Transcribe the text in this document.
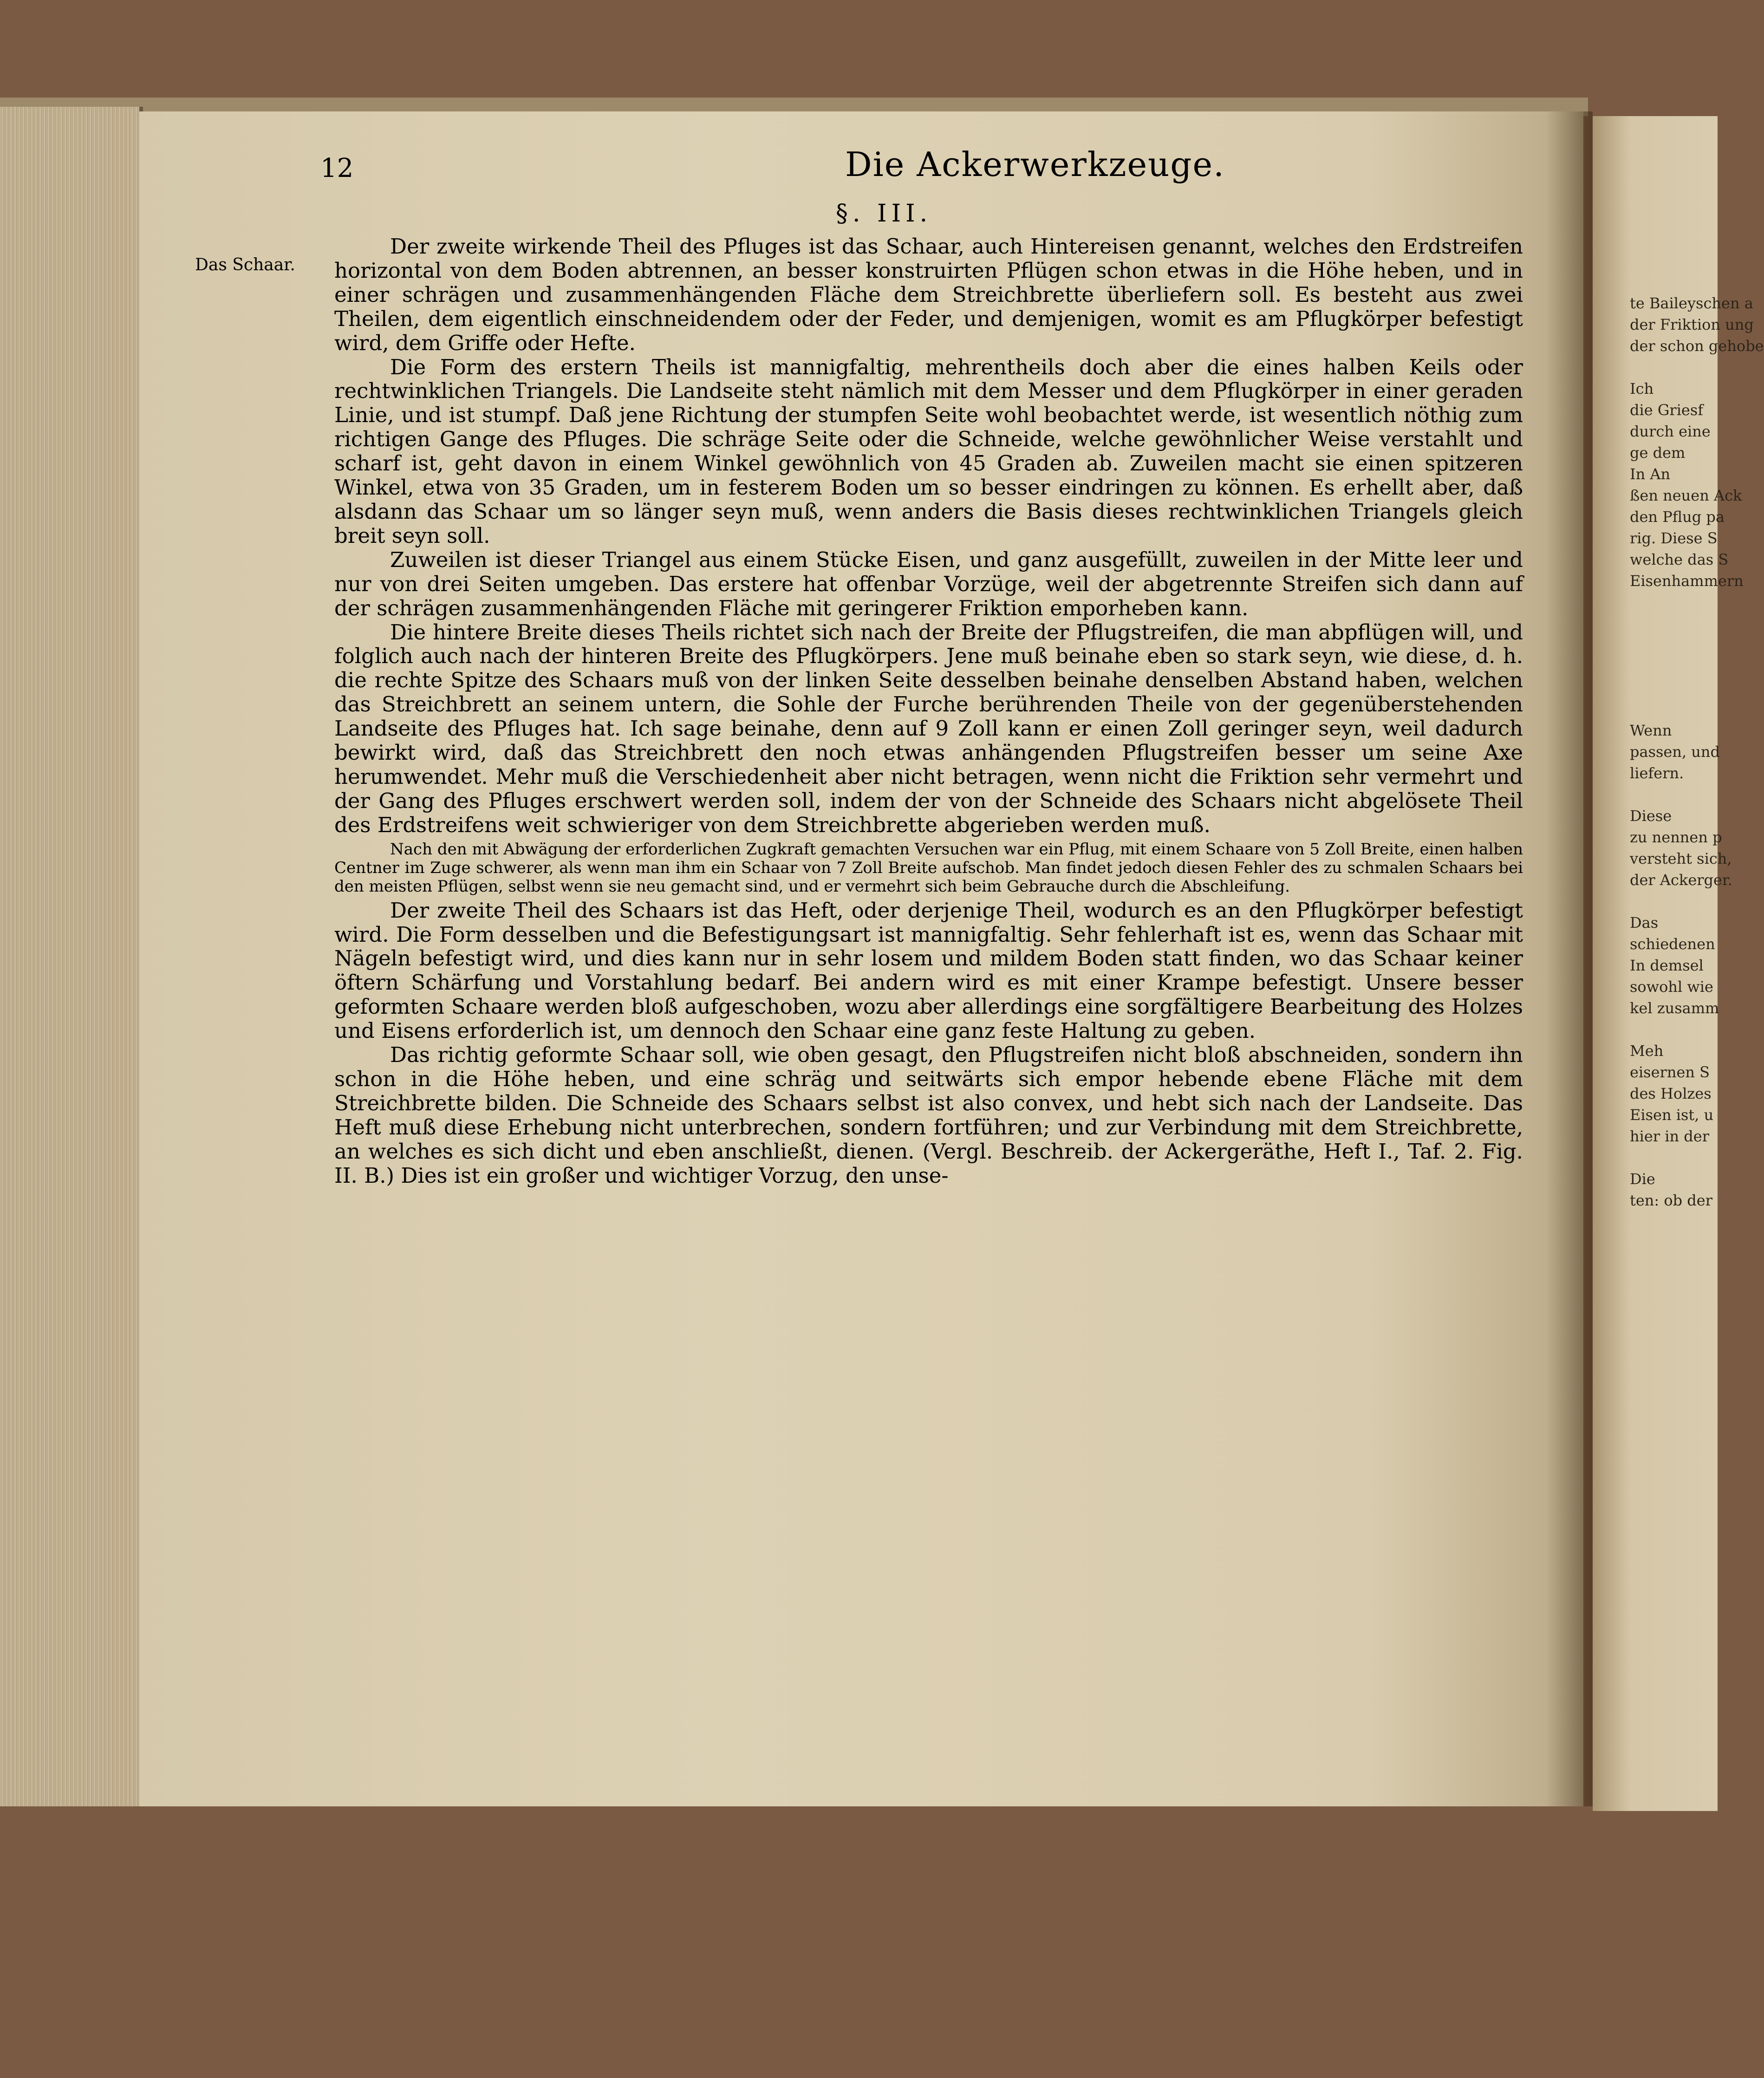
12	Die Ackerwerkzeuge.
§. III.
Das Schaar.

Der zweite wirkende Theil des Pfluges ist das Schaar, auch Hintereisen genannt, welches den Erdstreifen horizontal von dem Boden abtrennen, an besser konstruirten Pflügen schon etwas in die Höhe heben, und in einer schrägen und zusammenhängenden Fläche dem Streichbrette überliefern soll. Es besteht aus zwei Theilen, dem eigentlich einschneidendem oder der Feder, und demjenigen, womit es am Pflugkörper befestigt wird, dem Griffe oder Hefte.

Die Form des erstern Theils ist mannigfaltig, mehrentheils doch aber die eines halben Keils oder rechtwinklichen Triangels. Die Landseite steht nämlich mit dem Messer und dem Pflugkörper in einer geraden Linie, und ist stumpf. Daß jene Richtung der stumpfen Seite wohl beobachtet werde, ist wesentlich nöthig zum richtigen Gange des Pfluges. Die schräge Seite oder die Schneide, welche gewöhnlicher Weise verstahlt und scharf ist, geht davon in einem Winkel gewöhnlich von 45 Graden ab. Zuweilen macht sie einen spitzeren Winkel, etwa von 35 Graden, um in festerem Boden um so besser eindringen zu können. Es erhellt aber, daß alsdann das Schaar um so länger seyn muß, wenn anders die Basis dieses rechtwinklichen Triangels gleich breit seyn soll.

Zuweilen ist dieser Triangel aus einem Stücke Eisen, und ganz ausgefüllt, zuweilen in der Mitte leer und nur von drei Seiten umgeben. Das erstere hat offenbar Vorzüge, weil der abgetrennte Streifen sich dann auf der schrägen zusammenhängenden Fläche mit geringerer Friktion emporheben kann.

Die hintere Breite dieses Theils richtet sich nach der Breite der Pflugstreifen, die man abpflügen will, und folglich auch nach der hinteren Breite des Pflugkörpers. Jene muß beinahe eben so stark seyn, wie diese, d. h. die rechte Spitze des Schaars muß von der linken Seite desselben beinahe denselben Abstand haben, welchen das Streichbrett an seinem untern, die Sohle der Furche berührenden Theile von der gegenüberstehenden Landseite des Pfluges hat. Ich sage beinahe, denn auf 9 Zoll kann er einen Zoll geringer seyn, weil dadurch bewirkt wird, daß das Streichbrett den noch etwas anhängenden Pflugstreifen besser um seine Axe herumwendet. Mehr muß die Verschiedenheit aber nicht betragen, wenn nicht die Friktion sehr vermehrt und der Gang des Pfluges erschwert werden soll, indem der von der Schneide des Schaars nicht abgelösete Theil des Erdstreifens weit schwieriger von dem Streichbrette abgerieben werden muß.

Nach den mit Abwägung der erforderlichen Zugkraft gemachten Versuchen war ein Pflug, mit einem Schaare von 5 Zoll Breite, einen halben Centner im Zuge schwerer, als wenn man ihm ein Schaar von 7 Zoll Breite aufschob. Man findet jedoch diesen Fehler des zu schmalen Schaars bei den meisten Pflügen, selbst wenn sie neu gemacht sind, und er vermehrt sich beim Gebrauche durch die Abschleifung.

Der zweite Theil des Schaars ist das Heft, oder derjenige Theil, wodurch es an den Pflugkörper befestigt wird. Die Form desselben und die Befestigungsart ist mannigfaltig. Sehr fehlerhaft ist es, wenn das Schaar mit Nägeln befestigt wird, und dies kann nur in sehr losem und mildem Boden statt finden, wo das Schaar keiner öftern Schärfung und Vorstahlung bedarf. Bei andern wird es mit einer Krampe befestigt. Unsere besser geformten Schaare werden bloß aufgeschoben, wozu aber allerdings eine sorgfältigere Bearbeitung des Holzes und Eisens erforderlich ist, um dennoch den Schaar eine ganz feste Haltung zu geben.

Das richtig geformte Schaar soll, wie oben gesagt, den Pflugstreifen nicht bloß abschneiden, sondern ihn schon in die Höhe heben, und eine schräg und seitwärts sich empor hebende ebene Fläche mit dem Streichbrette bilden. Die Schneide des Schaars selbst ist also convex, und hebt sich nach der Landseite. Das Heft muß diese Erhebung nicht unterbrechen, sondern fortführen; und zur Verbindung mit dem Streichbrette, an welches es sich dicht und eben anschließt, dienen. (Vergl. Beschreib. der Ackergeräthe, Heft I., Taf. 2. Fig. II. B.) Dies ist ein großer und wichtiger Vorzug, den unse-

te Baileyschen a
der Friktion ung
der schon gehobe
Ich
die Griesf
durch eine
ge dem
In An
ßen neuen Ack
den Pflug pa
rig. Diese S
welche das S
Eisenhammern
Wenn
passen, und
liefern.
Diese
zu nennen p
versteht sich,
der Ackerger.
Das
schiedenen
In demsel
sowohl wie
kel zusamm
Meh
eisernen S
des Holzes
Eisen ist, u
hier in der
Die
ten: ob der
